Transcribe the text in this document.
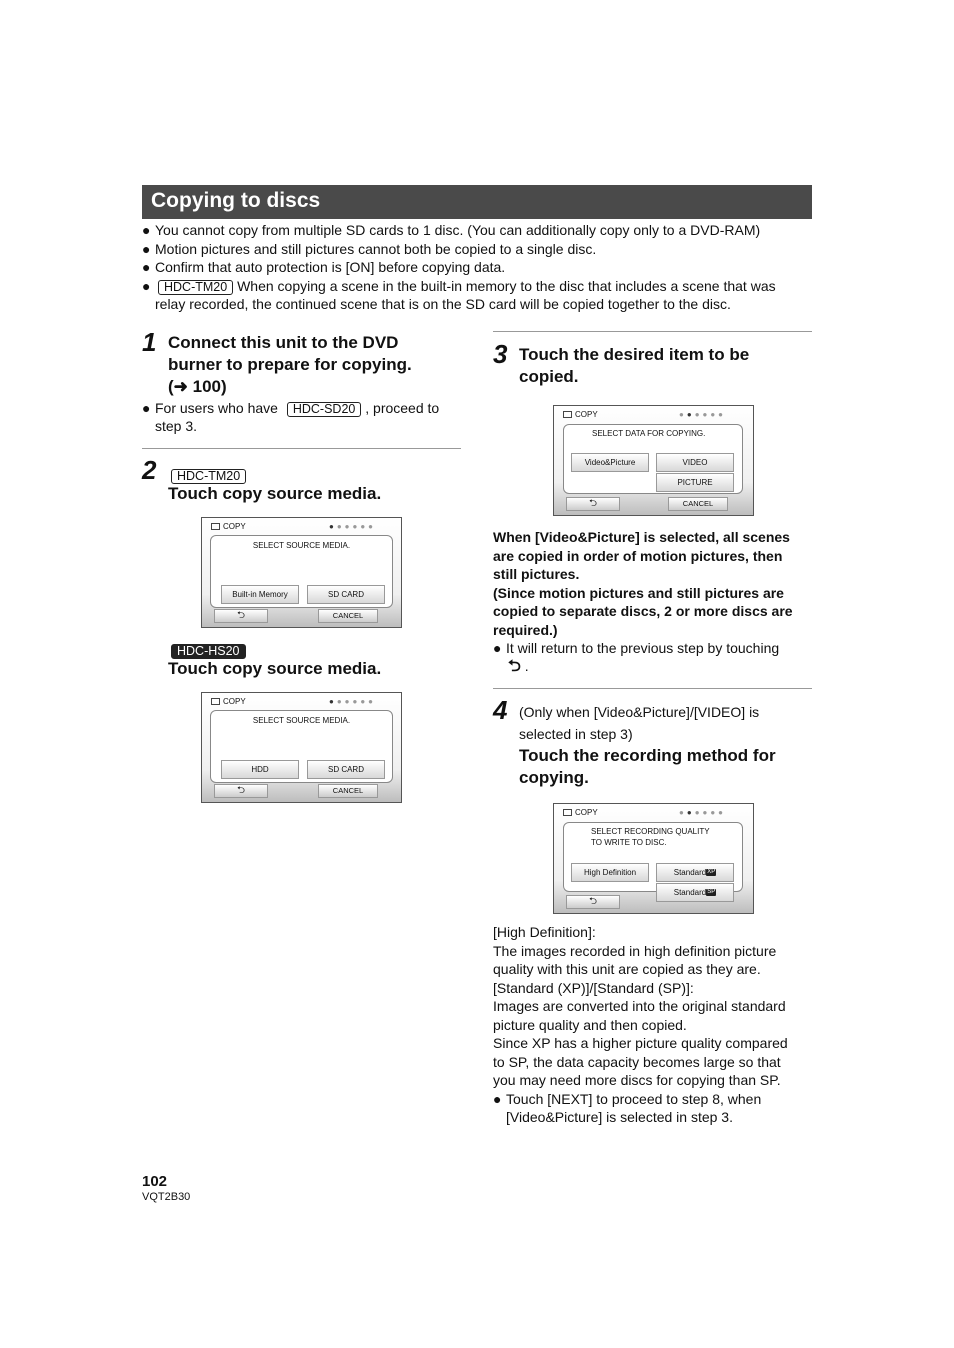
Copying to discs
● You cannot copy from multiple SD cards to 1 disc. (You can additionally copy only to a DVD-RAM)
● Motion pictures and still pictures cannot both be copied to a single disc.
● Confirm that auto protection is [ON] before copying data.
● HDC-TM20 When copying a scene in the built-in memory to the disc that includes a scene that was
relay recorded, the continued scene that is on the SD card will be copied together to the disc.
1 Connect this unit to the DVD
burner to prepare for copying.
(➜ 100)
● For users who have HDC-SD20 , proceed to
step 3.
2	HDC-TM20
Touch copy source media.
COPY	●●●●●●
SELECT SOURCE MEDIA.
Built-in Memory	SD CARD
⮌	CANCEL
HDC-HS20
Touch copy source media.
COPY	●●●●●●
SELECT SOURCE MEDIA.
HDD	SD CARD
⮌	CANCEL
3 Touch the desired item to be
copied.
COPY	●●●●●●
SELECT DATA FOR COPYING.
Video&Picture	VIDEO
PICTURE
⮌	CANCEL
When [Video&Picture] is selected, all scenes
are copied in order of motion pictures, then
still pictures.
(Since motion pictures and still pictures are
copied to separate discs, 2 or more discs are
required.)
● It will return to the previous step by touching
⮌ .
4 (Only when [Video&Picture]/[VIDEO] is
selected in step 3)
Touch the recording method for
copying.
COPY	●●●●●●
SELECT RECORDING QUALITY
TO WRITE TO DISC.
High Definition	StandardXP
StandardSP
⮌
[High Definition]:
The images recorded in high definition picture
quality with this unit are copied as they are.
[Standard (XP)]/[Standard (SP)]:
Images are converted into the original standard
picture quality and then copied.
Since XP has a higher picture quality compared
to SP, the data capacity becomes large so that
you may need more discs for copying than SP.
● Touch [NEXT] to proceed to step 8, when
[Video&Picture] is selected in step 3.
102
VQT2B30
